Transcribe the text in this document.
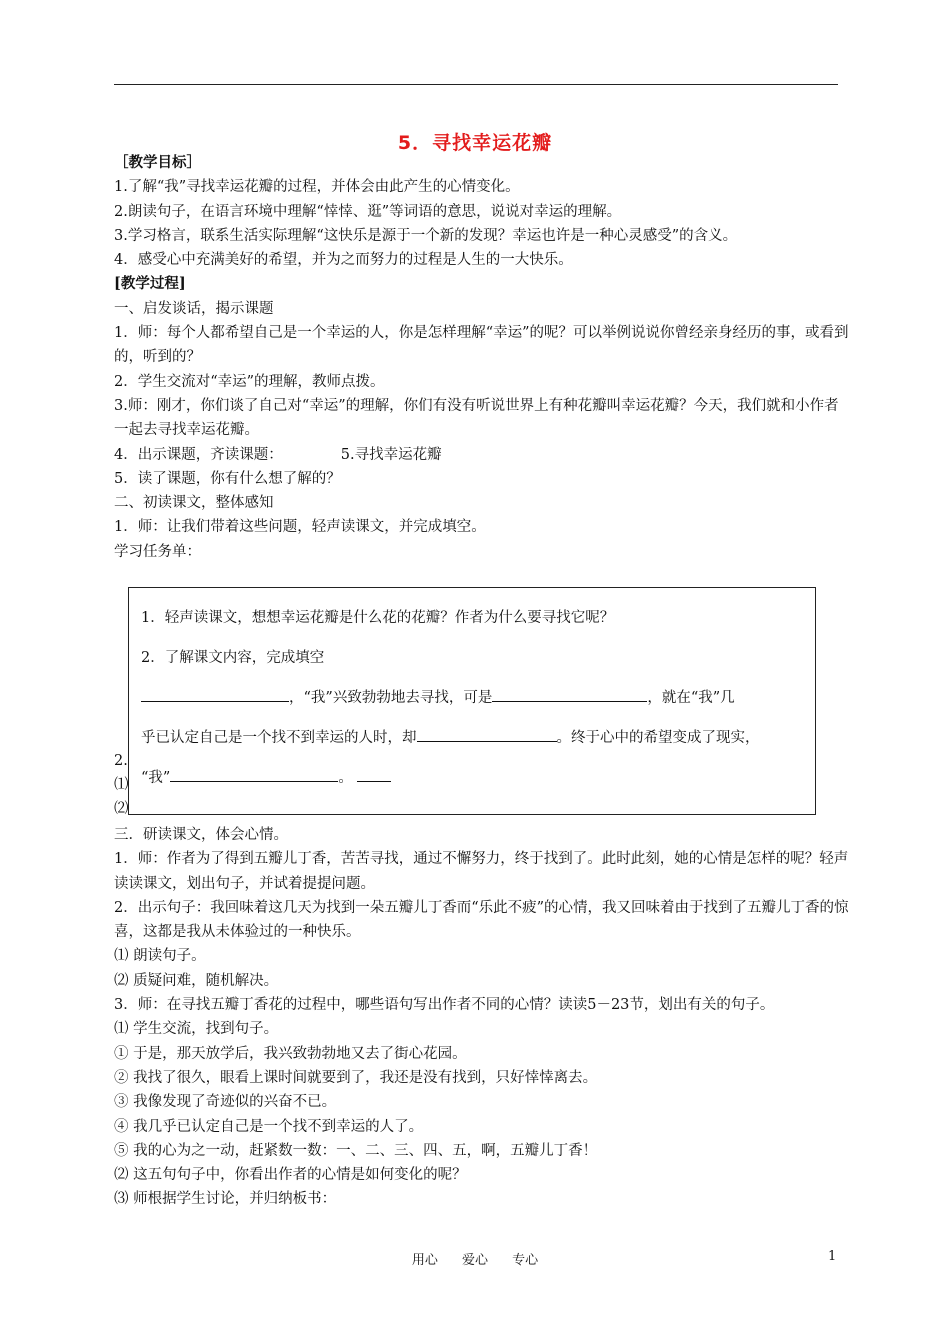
5．寻找幸运花瓣

［教学目标］

1.了解“我”寻找幸运花瓣的过程，并体会由此产生的心情变化。

2.朗读句子，在语言环境中理解“悻悻、逛”等词语的意思，说说对幸运的理解。

3.学习格言，联系生活实际理解“这快乐是源于一个新的发现？幸运也许是一种心灵感受”的含义。

4．感受心中充满美好的希望，并为之而努力的过程是人生的一大快乐。

[教学过程]

一、启发谈话，揭示课题

1．师：每个人都希望自己是一个幸运的人，你是怎样理解“幸运”的呢？可以举例说说你曾经亲身经历的事，或看到的，听到的？

2．学生交流对“幸运”的理解，教师点拨。

3.师：刚才，你们谈了自己对“幸运”的理解，你们有没有听说世界上有种花瓣叫幸运花瓣？今天，我们就和小作者一起去寻找幸运花瓣。

4．出示课题，齐读课题：	5.寻找幸运花瓣

5．读了课题，你有什么想了解的？

二、初读课文，整体感知

1．师：让我们带着这些问题，轻声读课文，并完成填空。

学习任务单：

2.

⑴

⑵

1．轻声读课文，想想幸运花瓣是什么花的花瓣？作者为什么要寻找它呢？

2．了解课文内容，完成填空

，“我”兴致勃勃地去寻找，可是	，就在“我”几

乎已认定自己是一个找不到幸运的人时，却	。终于心中的希望变成了现实，

“我”	。

三．研读课文，体会心情。

1．师：作者为了得到五瓣儿丁香，苦苦寻找，通过不懈努力，终于找到了。此时此刻，她的心情是怎样的呢？轻声读读课文，划出句子，并试着提提问题。

2．出示句子：我回味着这几天为找到一朵五瓣儿丁香而“乐此不疲”的心情，我又回味着由于找到了五瓣儿丁香的惊喜，这都是我从未体验过的一种快乐。

⑴ 朗读句子。

⑵ 质疑问难，随机解决。

3．师：在寻找五瓣丁香花的过程中，哪些语句写出作者不同的心情？读读5－23节，划出有关的句子。

⑴ 学生交流，找到句子。

① 于是，那天放学后，我兴致勃勃地又去了街心花园。

② 我找了很久，眼看上课时间就要到了，我还是没有找到，只好悻悻离去。

③ 我像发现了奇迹似的兴奋不已。

④ 我几乎已认定自己是一个找不到幸运的人了。

⑤ 我的心为之一动，赶紧数一数：一、二、三、四、五，啊，五瓣儿丁香！

⑵ 这五句句子中，你看出作者的心情是如何变化的呢？

⑶ 师根据学生讨论，并归纳板书：

用心 爱心 专心	1
